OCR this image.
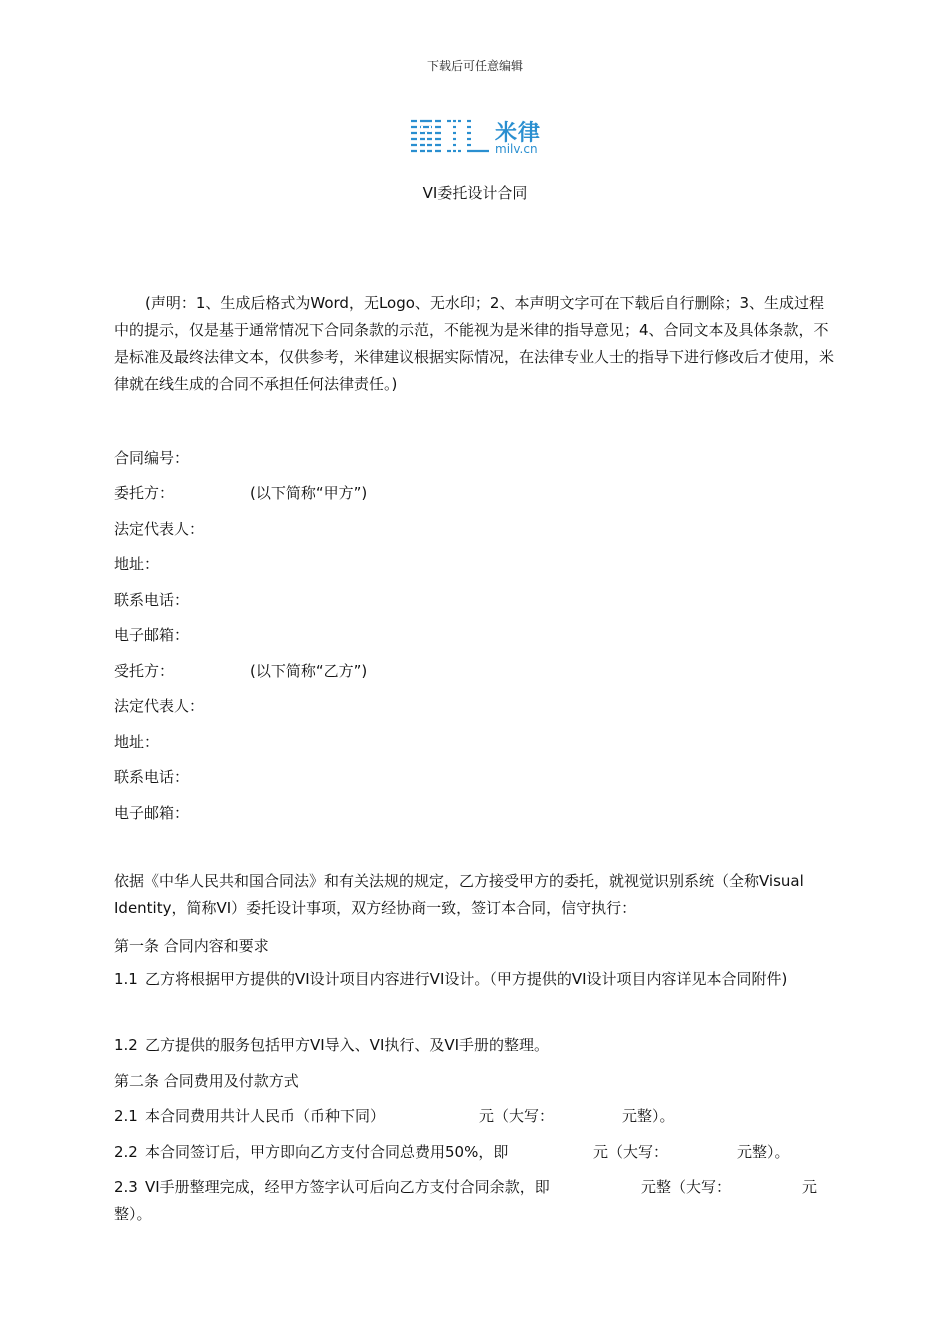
下载后可任意编辑
米律
milv.cn
VI委托设计合同
(声明：1、生成后格式为Word，无Logo、无水印；2、本声明文字可在下载后自行删除；3、生成过程中的提示，仅是基于通常情况下合同条款的示范，不能视为是米律的指导意见；4、合同文本及具体条款，不是标准及最终法律文本，仅供参考，米律建议根据实际情况，在法律专业人士的指导下进行修改后才使用，米律就在线生成的合同不承担任何法律责任。)
合同编号：
委托方：	(以下简称“甲方”)
法定代表人：
地址：
联系电话：
电子邮箱：
受托方：	(以下简称“乙方”)
法定代表人：
地址：
联系电话：
电子邮箱：
依据《中华人民共和国合同法》和有关法规的规定，乙方接受甲方的委托，就视觉识别系统（全称Visual Identity，简称VI）委托设计事项，双方经协商一致，签订本合同，信守执行：
第一条 合同内容和要求
1.1 乙方将根据甲方提供的VI设计项目内容进行VI设计。（甲方提供的VI设计项目内容详见本合同附件)
1.2 乙方提供的服务包括甲方VI导入、VI执行、及VI手册的整理。
第二条 合同费用及付款方式
2.1 本合同费用共计人民币（币种下同）	元（大写：	元整）。
2.2 本合同签订后，甲方即向乙方支付合同总费用50%，即	元（大写：	元整）。
2.3 VI手册整理完成，经甲方签字认可后向乙方支付合同余款，即	元整（大写：	元
整）。
